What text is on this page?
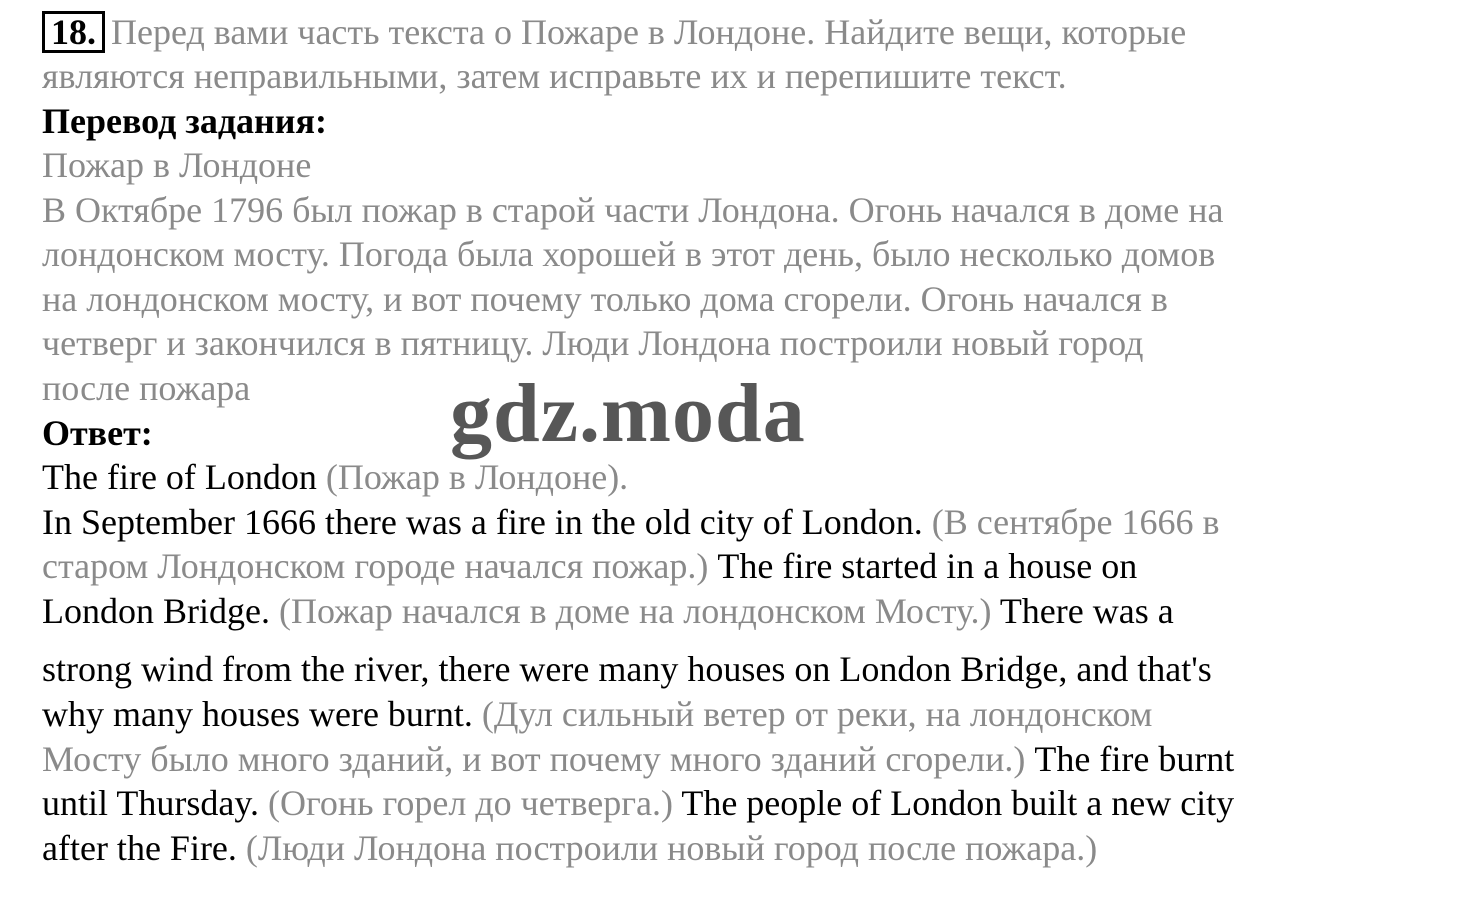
18. Перед вами часть текста о Пожаре в Лондоне. Найдите вещи, которые
являются неправильными, затем исправьте их и перепишите текст.
Перевод задания:
Пожар в Лондоне
В Октябре 1796 был пожар в старой части Лондона. Огонь начался в доме на
лондонском мосту. Погода была хорошей в этот день, было несколько домов
на лондонском мосту, и вот почему только дома сгорели. Огонь начался в
четверг и закончился в пятницу. Люди Лондона построили новый город
после пожара
Ответ:
The fire of London (Пожар в Лондоне).
In September 1666 there was a fire in the old city of London. (В сентябре 1666 в
старом Лондонском городе начался пожар.) The fire started in a house on
London Bridge. (Пожар начался в доме на лондонском Мосту.) There was a
strong wind from the river, there were many houses on London Bridge, and that's
why many houses were burnt. (Дул сильный ветер от реки, на лондонском
Мосту было много зданий, и вот почему много зданий сгорели.) The fire burnt
until Thursday. (Огонь горел до четверга.) The people of London built a new city
after the Fire. (Люди Лондона построили новый город после пожара.)
gdz.moda
